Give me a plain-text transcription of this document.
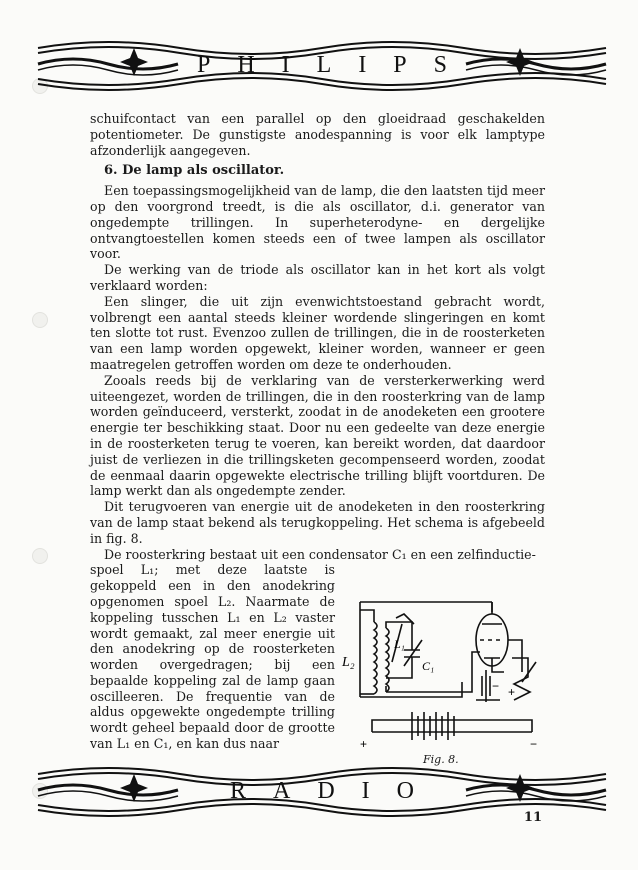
PHILIPS

schuifcontact van een parallel op den gloeidraad geschakelden potentiometer. De gunstigste anodespanning is voor elk lamptype afzonderlijk aangegeven.

6. De lamp als oscillator.

Een toepassingsmogelijkheid van de lamp, die den laatsten tijd meer op den voorgrond treedt, is die als oscillator, d.i. generator van ongedempte trillingen. In superheterodyne- en dergelijke ontvangtoestellen komen steeds een of twee lampen als oscillator voor.

De werking van de triode als oscillator kan in het kort als volgt verklaard worden:

Een slinger, die uit zijn evenwichtstoestand gebracht wordt, volbrengt een aantal steeds kleiner wordende slingeringen en komt ten slotte tot rust. Evenzoo zullen de trillingen, die in de roosterketen van een lamp worden opgewekt, kleiner worden, wanneer er geen maatregelen getroffen worden om deze te onderhouden.

Zooals reeds bij de verklaring van de versterkerwerking werd uiteengezet, worden de trillingen, die in den roosterkring van de lamp worden geïnduceerd, versterkt, zoodat in de anodeketen een grootere energie ter beschikking staat. Door nu een gedeelte van deze energie in de roosterketen terug te voeren, kan bereikt worden, dat daardoor juist de verliezen in die trillingsketen gecompenseerd worden, zoodat de eenmaal daarin opgewekte electrische trilling blijft voortduren. De lamp werkt dan als ongedempte zender.

Dit terugvoeren van energie uit de anodeketen in den roosterkring van de lamp staat bekend als terugkoppeling. Het schema is afgebeeld in fig. 8.

De roosterkring bestaat uit een condensator C₁ en een zelfinductie-

spoel L₁; met deze laatste is gekoppeld een in den anodekring opgenomen spoel L₂. Naarmate de koppeling tusschen L₁ en L₂ vaster wordt gemaakt, zal meer energie uit den anodekring op de roosterketen worden overgedragen; bij een bepaalde koppeling zal de lamp gaan oscilleeren. De frequentie van de aldus opgewekte ongedempte trilling wordt geheel bepaald door de grootte van L₁ en C₁, en kan dus naar

L₂
L₁
C₁
− +
+	−
Fig. 8.
RADIO
11
